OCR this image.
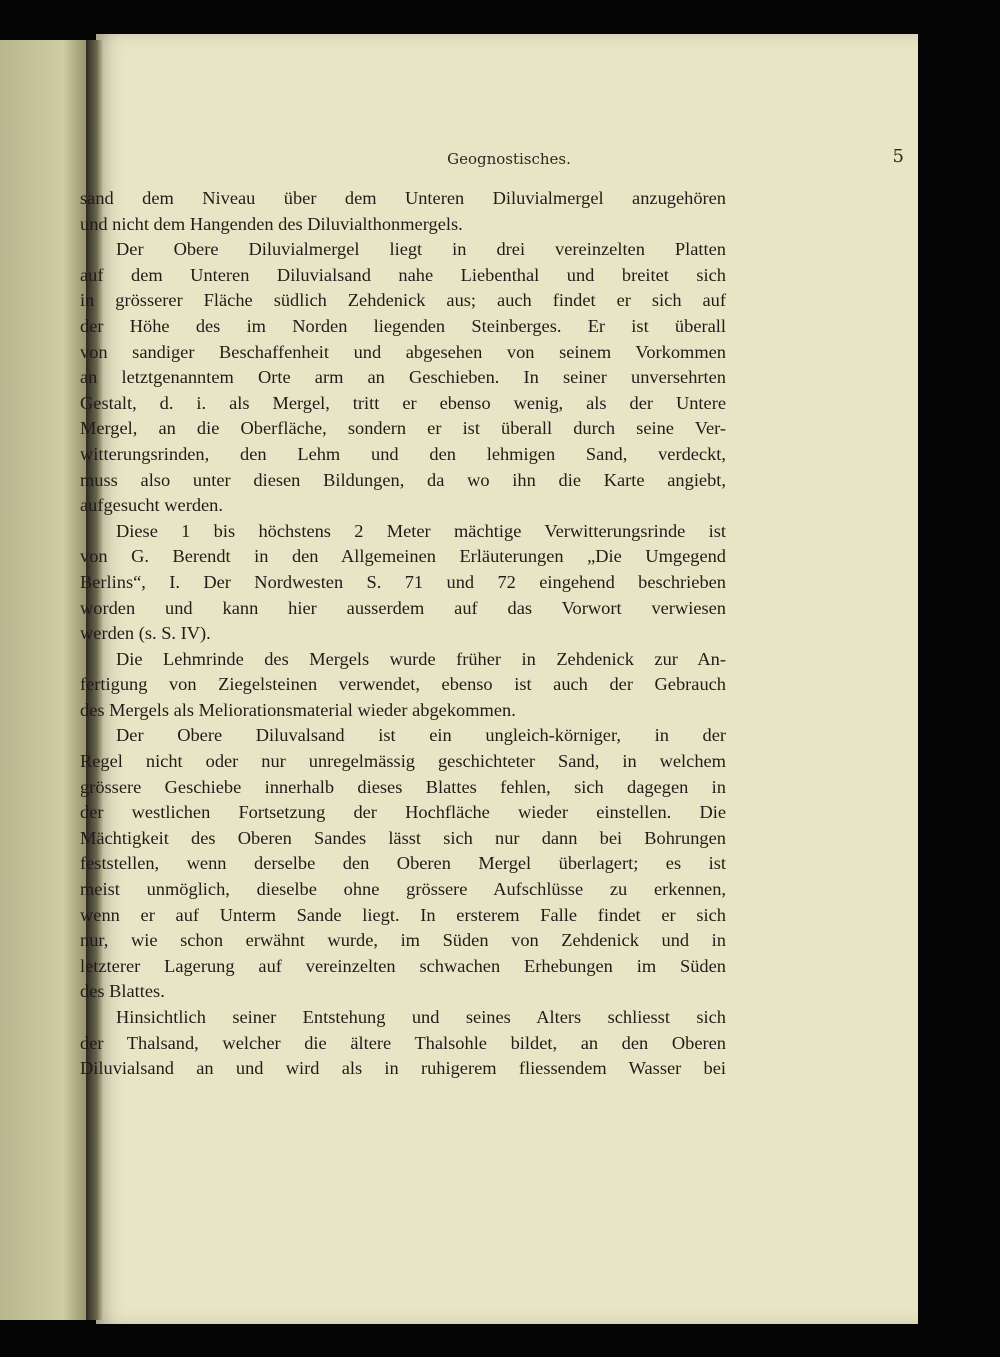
Geognostisches.	5
sand dem Niveau über dem Unteren Diluvialmergel anzugehören
und nicht dem Hangenden des Diluvialthonmergels.
Der Obere Diluvialmergel liegt in drei vereinzelten Platten
auf dem Unteren Diluvialsand nahe Liebenthal und breitet sich
in grösserer Fläche südlich Zehdenick aus; auch findet er sich auf
der Höhe des im Norden liegenden Steinberges. Er ist überall
von sandiger Beschaffenheit und abgesehen von seinem Vorkommen
an letztgenanntem Orte arm an Geschieben. In seiner unversehrten
Gestalt, d. i. als Mergel, tritt er ebenso wenig, als der Untere
Mergel, an die Oberfläche, sondern er ist überall durch seine Ver-
witterungsrinden, den Lehm und den lehmigen Sand, verdeckt,
muss also unter diesen Bildungen, da wo ihn die Karte angiebt,
aufgesucht werden.
Diese 1 bis höchstens 2 Meter mächtige Verwitterungsrinde ist
von G. Berendt in den Allgemeinen Erläuterungen „Die Umgegend
Berlins“, I. Der Nordwesten S. 71 und 72 eingehend beschrieben
worden und kann hier ausserdem auf das Vorwort verwiesen
werden (s. S. IV).
Die Lehmrinde des Mergels wurde früher in Zehdenick zur An-
fertigung von Ziegelsteinen verwendet, ebenso ist auch der Gebrauch
des Mergels als Meliorationsmaterial wieder abgekommen.
Der Obere Diluvalsand ist ein ungleich-körniger, in der
Regel nicht oder nur unregelmässig geschichteter Sand, in welchem
grössere Geschiebe innerhalb dieses Blattes fehlen, sich dagegen in
der westlichen Fortsetzung der Hochfläche wieder einstellen. Die
Mächtigkeit des Oberen Sandes lässt sich nur dann bei Bohrungen
feststellen, wenn derselbe den Oberen Mergel überlagert; es ist
meist unmöglich, dieselbe ohne grössere Aufschlüsse zu erkennen,
wenn er auf Unterm Sande liegt. In ersterem Falle findet er sich
nur, wie schon erwähnt wurde, im Süden von Zehdenick und in
letzterer Lagerung auf vereinzelten schwachen Erhebungen im Süden
des Blattes.
Hinsichtlich seiner Entstehung und seines Alters schliesst sich
der Thalsand, welcher die ältere Thalsohle bildet, an den Oberen
Diluvialsand an und wird als in ruhigerem fliessendem Wasser bei
